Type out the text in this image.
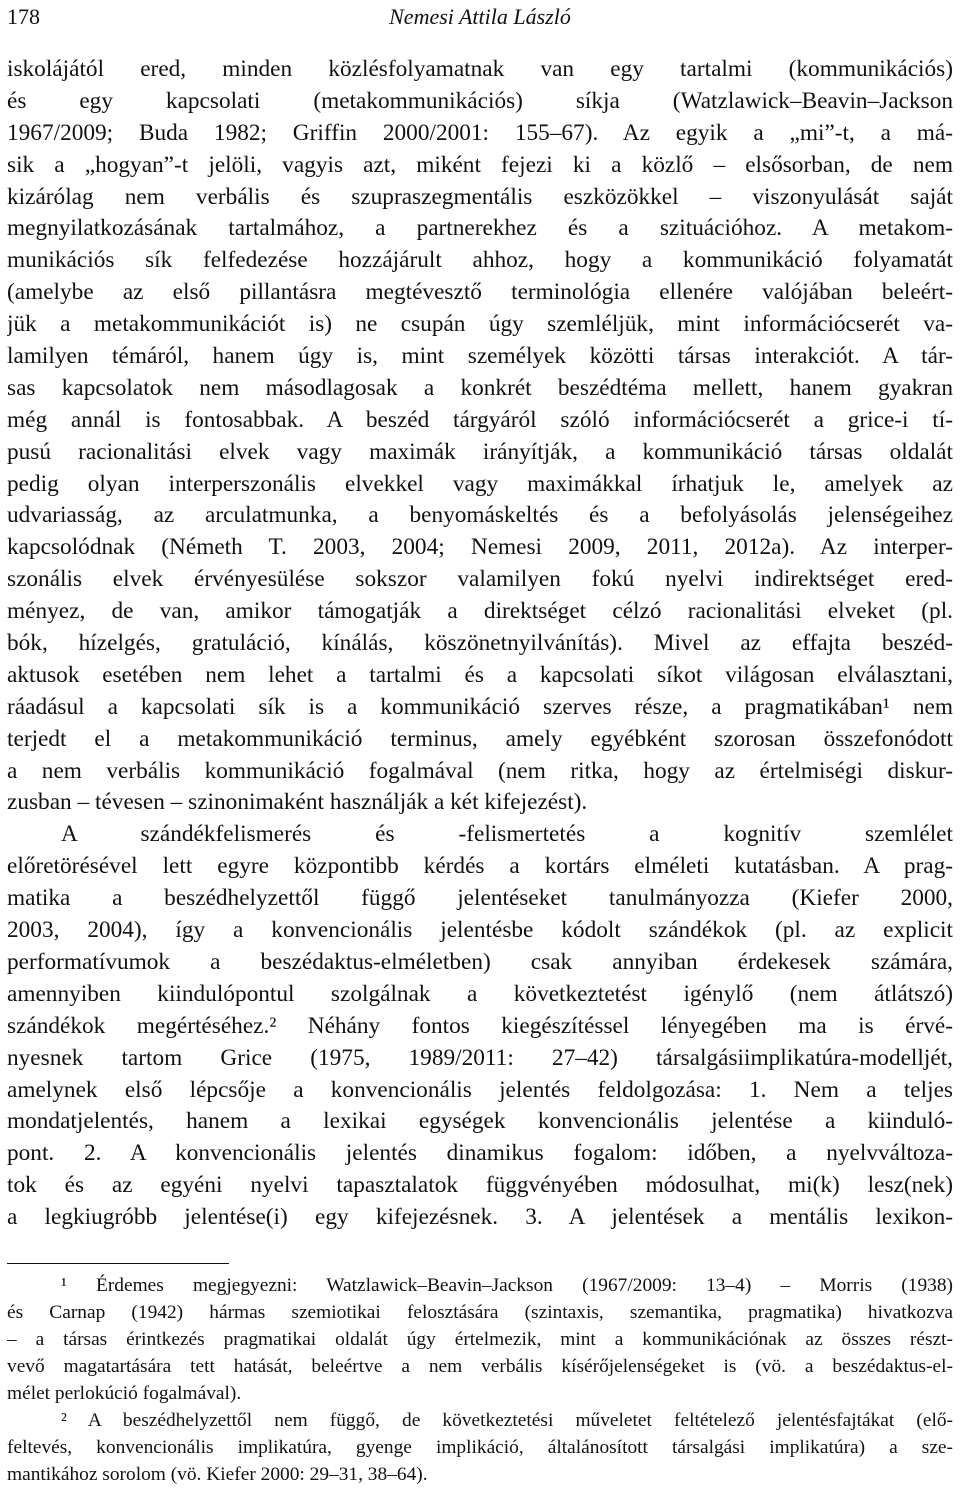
178	Nemesi Attila László
iskolájától ered, minden közlésfolyamatnak van egy tartalmi (kommunikációs)
és egy kapcsolati (metakommunikációs) síkja (Watzlawick–Beavin–Jackson
1967/2009; Buda 1982; Griffin 2000/2001: 155–67). Az egyik a „mi”-t, a má-
sik a „hogyan”-t jelöli, vagyis azt, miként fejezi ki a közlő – elsősorban, de nem
kizárólag nem verbális és szupraszegmentális eszközökkel – viszonyulását saját
megnyilatkozásának tartalmához, a partnerekhez és a szituációhoz. A metakom-
munikációs sík felfedezése hozzájárult ahhoz, hogy a kommunikáció folyamatát
(amelybe az első pillantásra megtévesztő terminológia ellenére valójában beleért-
jük a metakommunikációt is) ne csupán úgy szemléljük, mint információcserét va-
lamilyen témáról, hanem úgy is, mint személyek közötti társas interakciót. A tár-
sas kapcsolatok nem másodlagosak a konkrét beszédtéma mellett, hanem gyakran
még annál is fontosabbak. A beszéd tárgyáról szóló információcserét a grice-i tí-
pusú racionalitási elvek vagy maximák irányítják, a kommunikáció társas oldalát
pedig olyan interperszonális elvekkel vagy maximákkal írhatjuk le, amelyek az
udvariasság, az arculatmunka, a benyomáskeltés és a befolyásolás jelenségeihez
kapcsolódnak (Németh T. 2003, 2004; Nemesi 2009, 2011, 2012a). Az interper-
szonális elvek érvényesülése sokszor valamilyen fokú nyelvi indirektséget ered-
ményez, de van, amikor támogatják a direktséget célzó racionalitási elveket (pl.
bók, hízelgés, gratuláció, kínálás, köszönetnyilvánítás). Mivel az effajta beszéd-
aktusok esetében nem lehet a tartalmi és a kapcsolati síkot világosan elválasztani,
ráadásul a kapcsolati sík is a kommunikáció szerves része, a pragmatikában¹ nem
terjedt el a metakommunikáció terminus, amely egyébként szorosan összefonódott
a nem verbális kommunikáció fogalmával (nem ritka, hogy az értelmiségi diskur-
zusban – tévesen – szinonimaként használják a két kifejezést).
A szándékfelismerés és -felismertetés a kognitív szemlélet
előretörésével lett egyre központibb kérdés a kortárs elméleti kutatásban. A prag-
matika a beszédhelyzettől függő jelentéseket tanulmányozza (Kiefer 2000,
2003, 2004), így a konvencionális jelentésbe kódolt szándékok (pl. az explicit
performatívumok a beszédaktus-elméletben) csak annyiban érdekesek számára,
amennyiben kiindulópontul szolgálnak a következtetést igénylő (nem átlátszó)
szándékok megértéséhez.² Néhány fontos kiegészítéssel lényegében ma is érvé-
nyesnek tartom Grice (1975, 1989/2011: 27–42) társalgásiimplikatúra-modelljét,
amelynek első lépcsője a konvencionális jelentés feldolgozása: 1. Nem a teljes
mondatjelentés, hanem a lexikai egységek konvencionális jelentése a kiinduló-
pont. 2. A konvencionális jelentés dinamikus fogalom: időben, a nyelvváltoza-
tok és az egyéni nyelvi tapasztalatok függvényében módosulhat, mi(k) lesz(nek)
a legkiugróbb jelentése(i) egy kifejezésnek. 3. A jelentések a mentális lexikon-
¹ Érdemes megjegyezni: Watzlawick–Beavin–Jackson (1967/2009: 13–4) – Morris (1938)
és Carnap (1942) hármas szemiotikai felosztására (szintaxis, szemantika, pragmatika) hivatkozva
– a társas érintkezés pragmatikai oldalát úgy értelmezik, mint a kommunikációnak az összes részt-
vevő magatartására tett hatását, beleértve a nem verbális kísérőjelenségeket is (vö. a beszédaktus-el-
mélet perlokúció fogalmával).
² A beszédhelyzettől nem függő, de következtetési műveletet feltételező jelentésfajtákat (elő-
feltevés, konvencionális implikatúra, gyenge implikáció, általánosított társalgási implikatúra) a sze-
mantikához sorolom (vö. Kiefer 2000: 29–31, 38–64).
